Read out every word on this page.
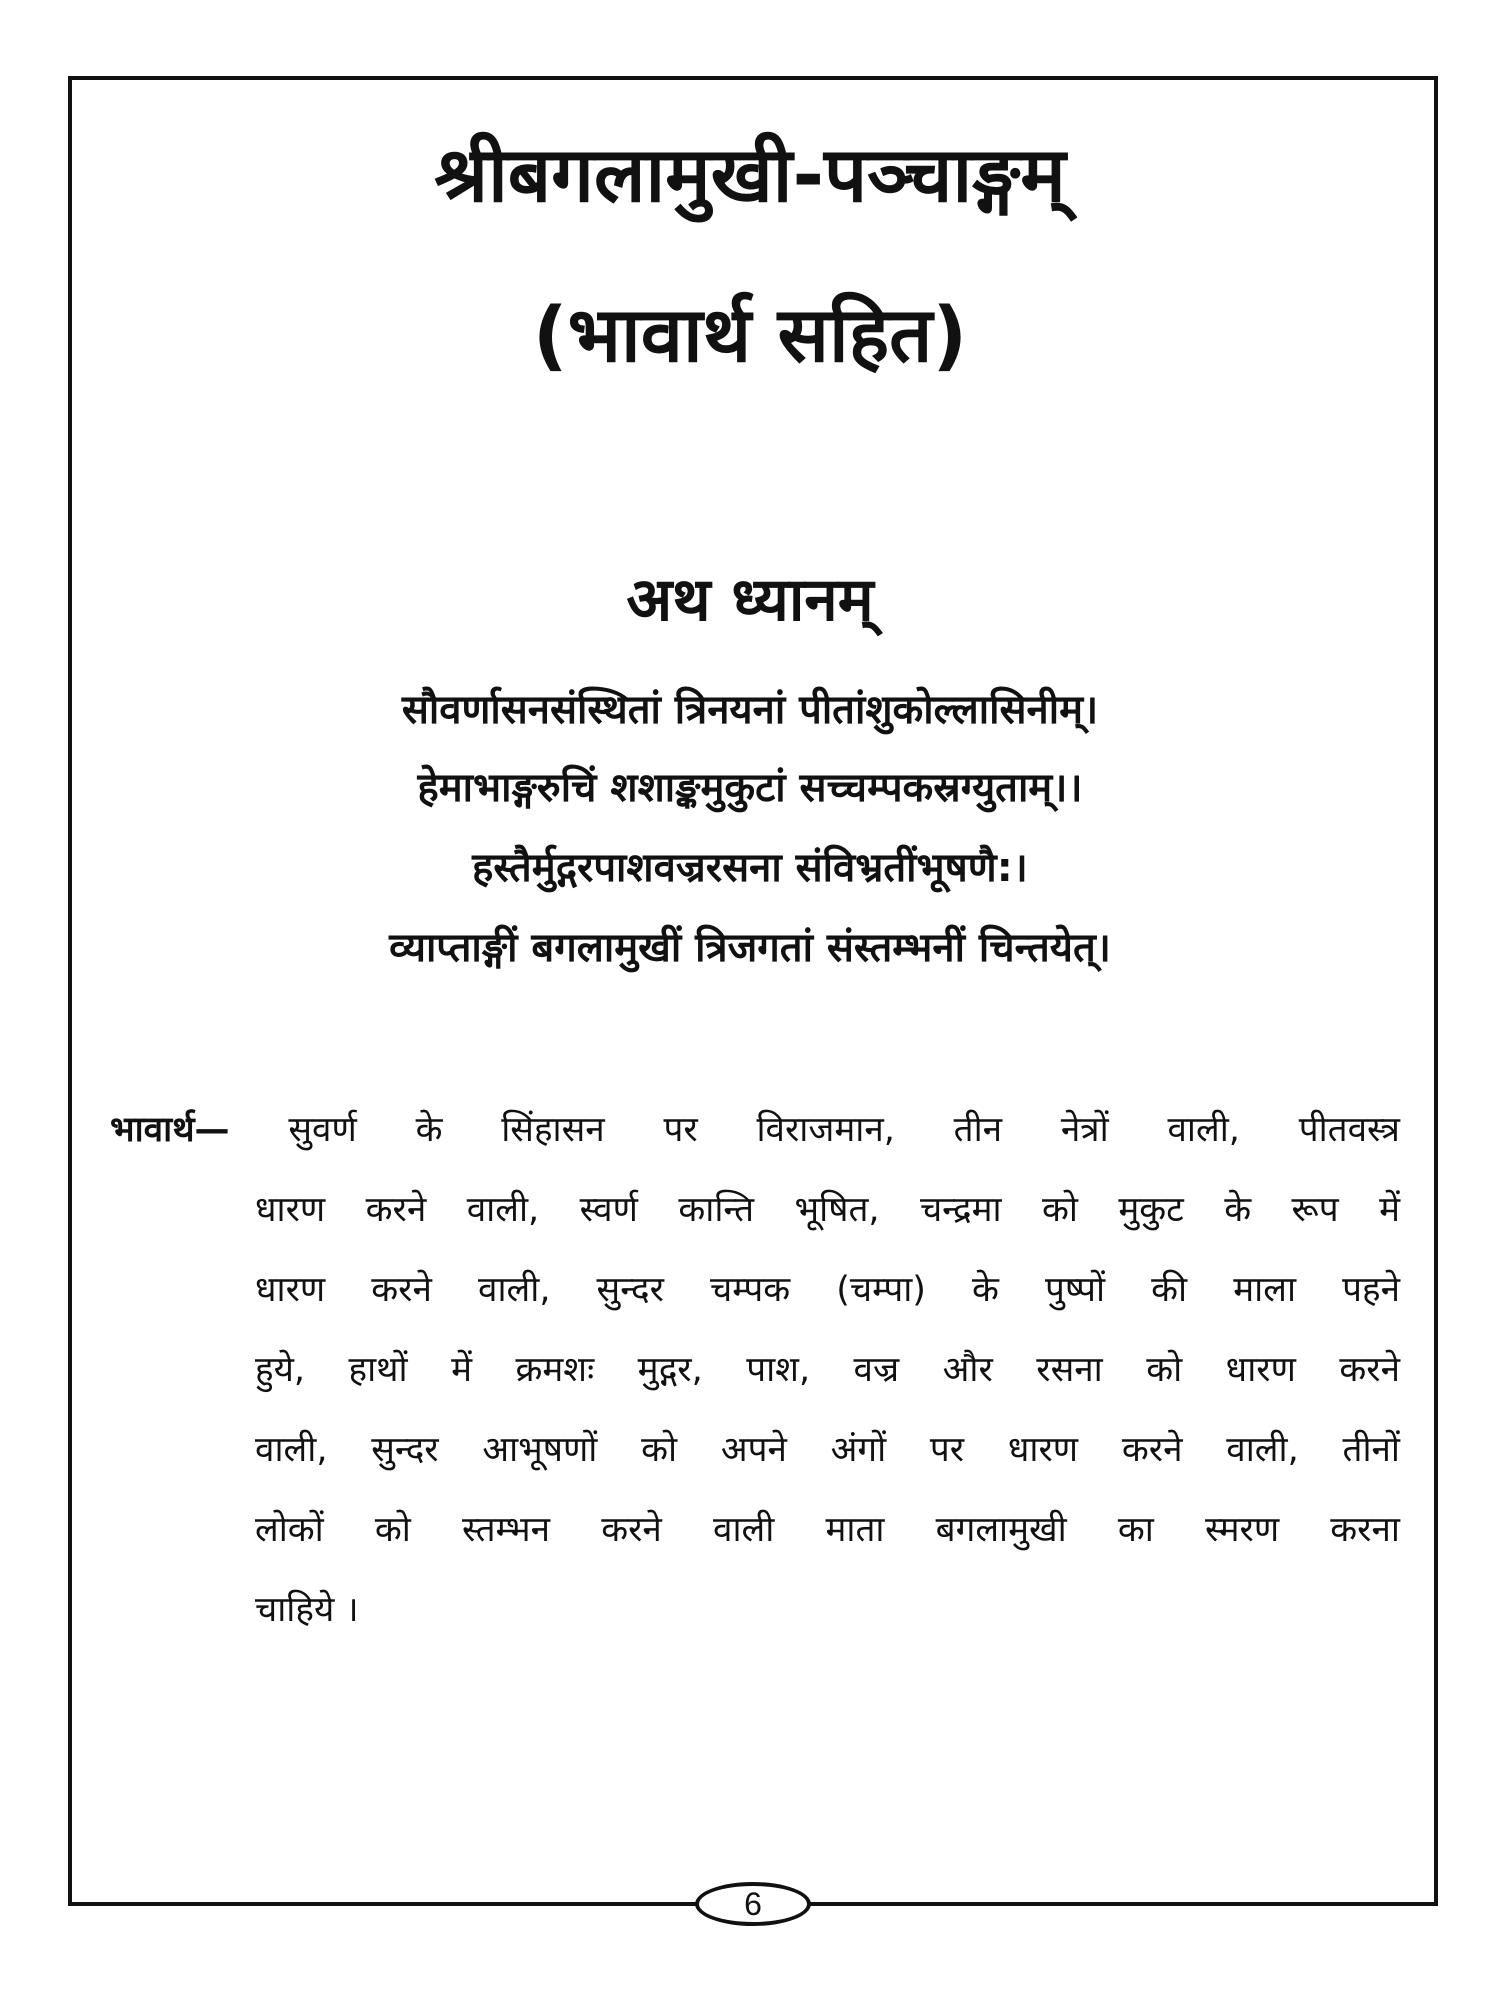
श्रीबगलामुखी-पञ्चाङ्गम्
(भावार्थ सहित)
अथ ध्यानम्
सौवर्णासनसंस्थितां त्रिनयनां पीतांशुकोल्लासिनीम्।
हेमाभाङ्गरुचिं शशाङ्कमुकुटां सच्चम्पकस्रग्युताम्।।
हस्तैर्मुद्गरपाशवज्ररसना संविभ्रतींभूषणै:।
व्याप्ताङ्गीं बगलामुखीं त्रिजगतां संस्तम्भनीं चिन्तयेत्।
भावार्थ— सुवर्ण के सिंहासन पर विराजमान, तीन नेत्रों वाली, पीतवस्त्र
धारण करने वाली, स्वर्ण कान्ति भूषित, चन्द्रमा को मुकुट के रूप में
धारण करने वाली, सुन्दर चम्पक (चम्पा) के पुष्पों की माला पहने
हुये, हाथों में क्रमशः मुद्गर, पाश, वज्र और रसना को धारण करने
वाली, सुन्दर आभूषणों को अपने अंगों पर धारण करने वाली, तीनों
लोकों को स्तम्भन करने वाली माता बगलामुखी का स्मरण करना
चाहिये ।
6
